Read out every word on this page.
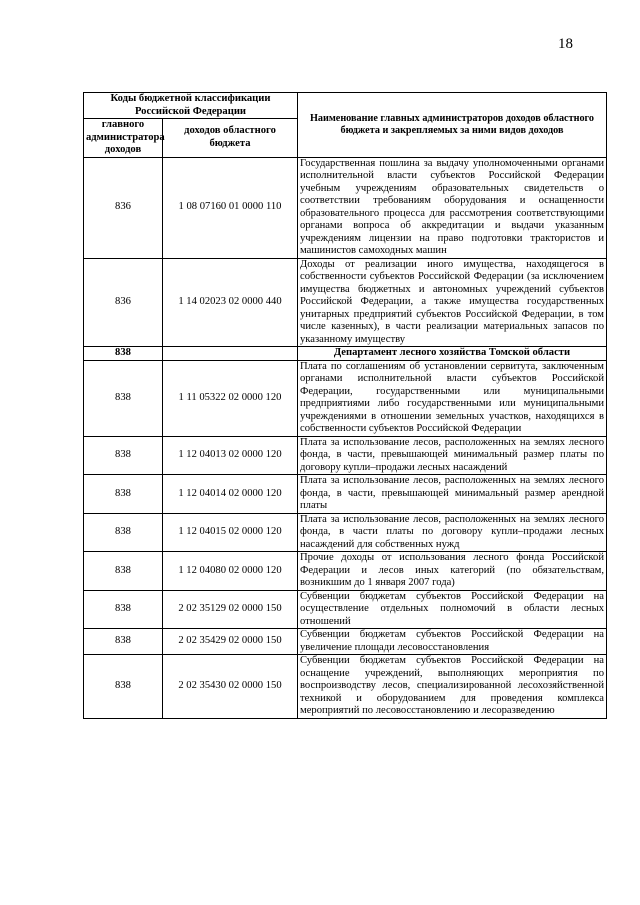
18
Коды бюджетной классификации Российской Федерации		Наименование главных администраторов доходов областного бюджета и закрепляемых за ними видов доходов
главного администратора доходов	доходов областного бюджета	
836	1 08 07160 01 0000 110	Государственная пошлина за выдачу уполномоченными органами исполнительной власти субъектов Российской Федерации учебным учреждениям образовательных свидетельств о соответствии требованиям оборудования и оснащенности образовательного процесса для рассмотрения соответствующими органами вопроса об аккредитации и выдачи указанным учреждениям лицензии на право подготовки трактористов и машинистов самоходных машин
836	1 14 02023 02 0000 440	Доходы от реализации иного имущества, находящегося в собственности субъектов Российской Федерации (за исключением имущества бюджетных и автономных учреждений субъектов Российской Федерации, а также имущества государственных унитарных предприятий субъектов Российской Федерации, в том числе казенных), в части реализации материальных запасов по указанному имуществу
838		Департамент лесного хозяйства Томской области
838	1 11 05322 02 0000 120	Плата по соглашениям об установлении сервитута, заключенным органами исполнительной власти субъектов Российской Федерации, государственными или муниципальными предприятиями либо государственными или муниципальными учреждениями в отношении земельных участков, находящихся в собственности субъектов Российской Федерации
838	1 12 04013 02 0000 120	Плата за использование лесов, расположенных на землях лесного фонда, в части, превышающей минимальный размер платы по договору купли–продажи лесных насаждений
838	1 12 04014 02 0000 120	Плата за использование лесов, расположенных на землях лесного фонда, в части, превышающей минимальный размер арендной платы
838	1 12 04015 02 0000 120	Плата за использование лесов, расположенных на землях лесного фонда, в части платы по договору купли–продажи лесных насаждений для собственных нужд
838	1 12 04080 02 0000 120	Прочие доходы от использования лесного фонда Российской Федерации и лесов иных категорий (по обязательствам, возникшим до 1 января 2007 года)
838	2 02 35129 02 0000 150	Субвенции бюджетам субъектов Российской Федерации на осуществление отдельных полномочий в области лесных отношений
838	2 02 35429 02 0000 150	Субвенции бюджетам субъектов Российской Федерации на увеличение площади лесовосстановления
838	2 02 35430 02 0000 150	Субвенции бюджетам субъектов Российской Федерации на оснащение учреждений, выполняющих мероприятия по воспроизводству лесов, специализированной лесохозяйственной техникой и оборудованием для проведения комплекса мероприятий по лесовосстановлению и лесоразведению
